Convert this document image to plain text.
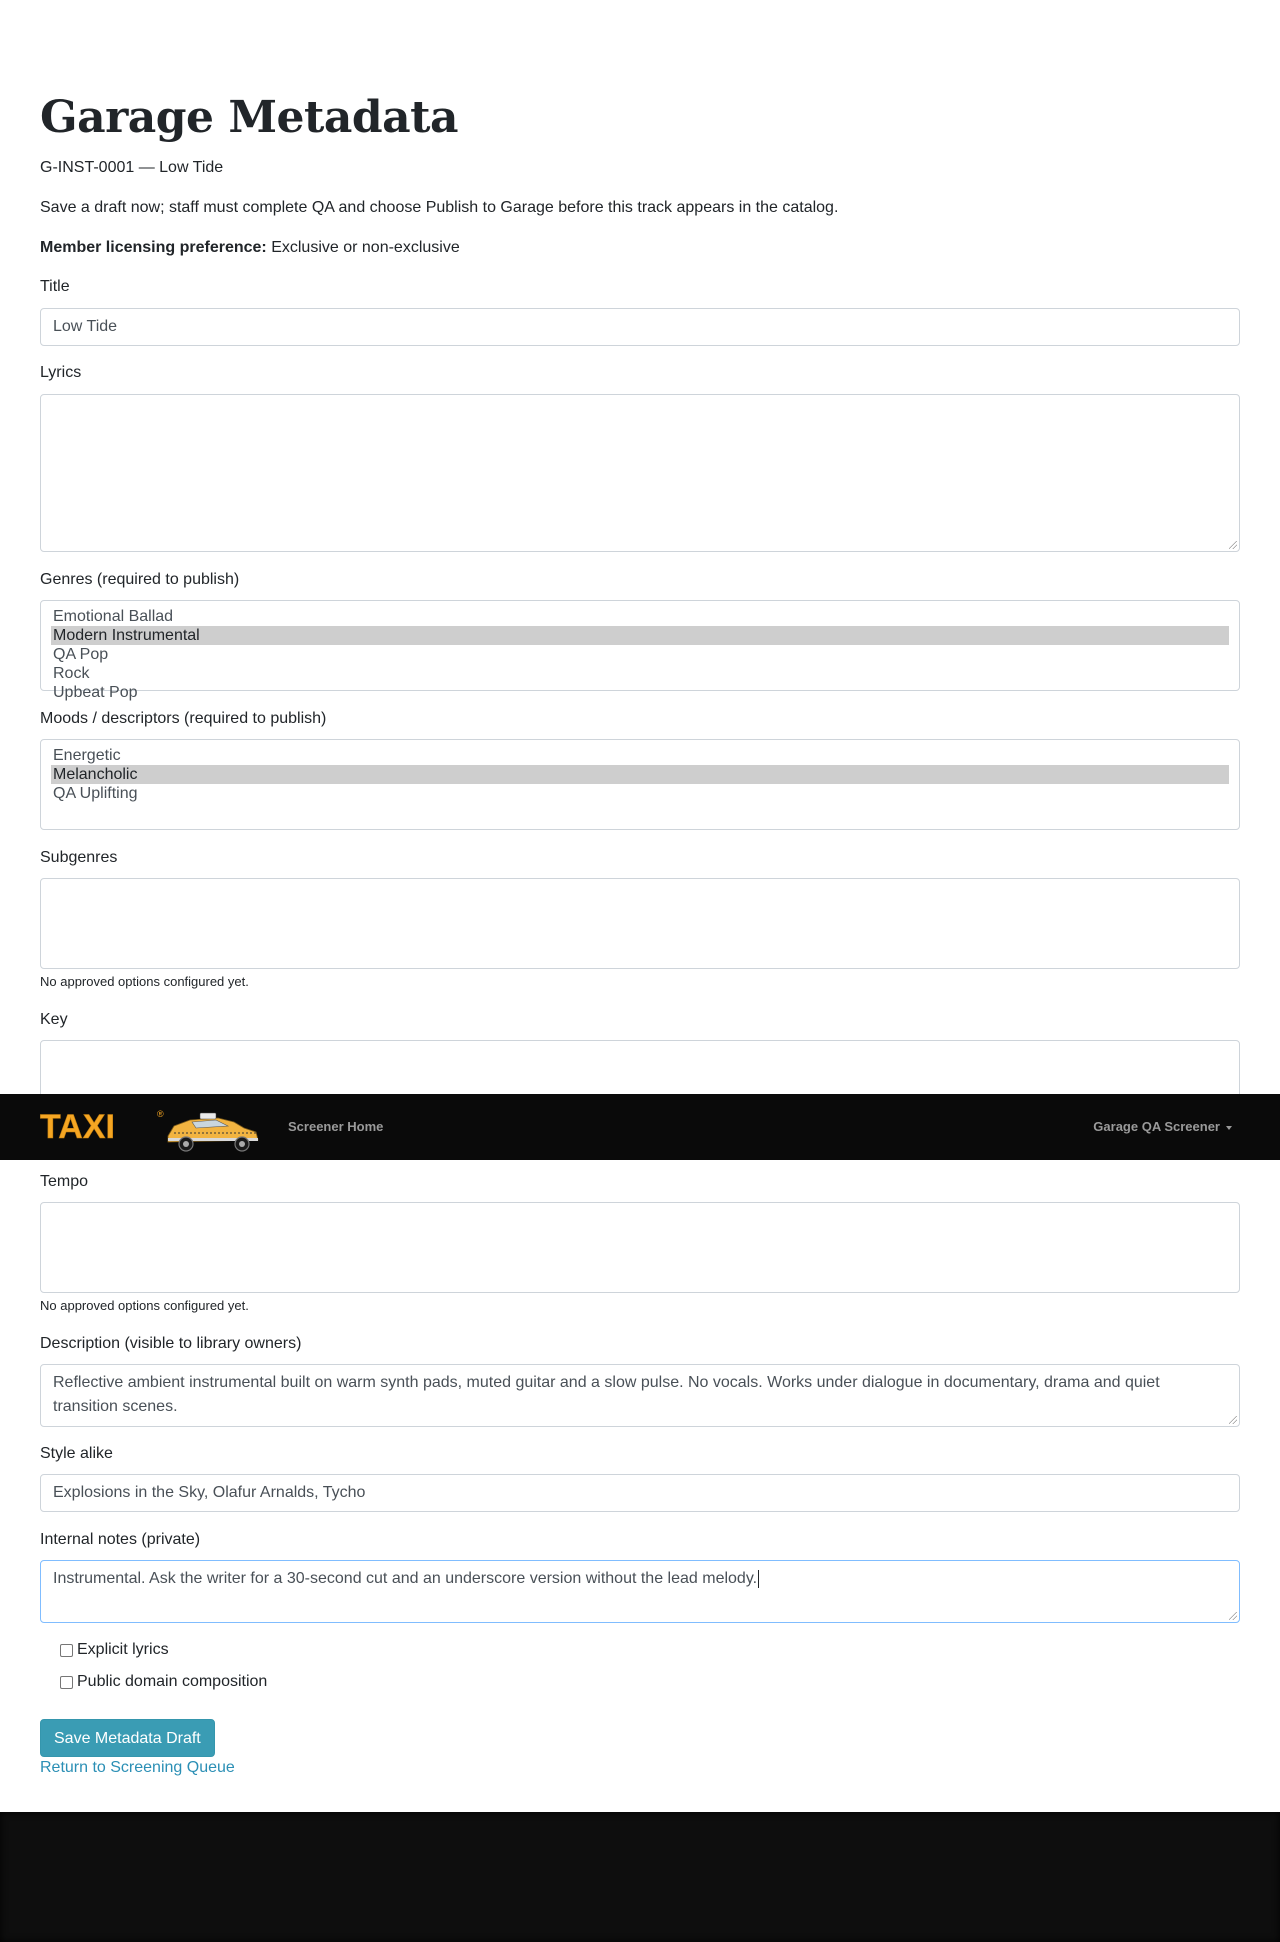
Garage Metadata
G-INST-0001 — Low Tide
Save a draft now; staff must complete QA and choose Publish to Garage before this track appears in the catalog.
Member licensing preference: Exclusive or non-exclusive
Title
Low Tide
Lyrics
Genres (required to publish)
Emotional Ballad
Modern Instrumental
QA Pop
Rock
Upbeat Pop
Moods / descriptors (required to publish)
Energetic
Melancholic
QA Uplifting
Subgenres
No approved options configured yet.
Key
Tempo
No approved options configured yet.
Description (visible to library owners)
Reflective ambient instrumental built on warm synth pads, muted guitar and a slow pulse. No vocals. Works under dialogue in documentary, drama and quiet transition scenes.
Style alike
Explosions in the Sky, Olafur Arnalds, Tycho
Internal notes (private)
Instrumental. Ask the writer for a 30-second cut and an underscore version without the lead melody.
Explicit lyrics
Public domain composition
Save Metadata Draft
Return to Screening Queue
TAXI	®
Screener Home	Garage QA Screener
